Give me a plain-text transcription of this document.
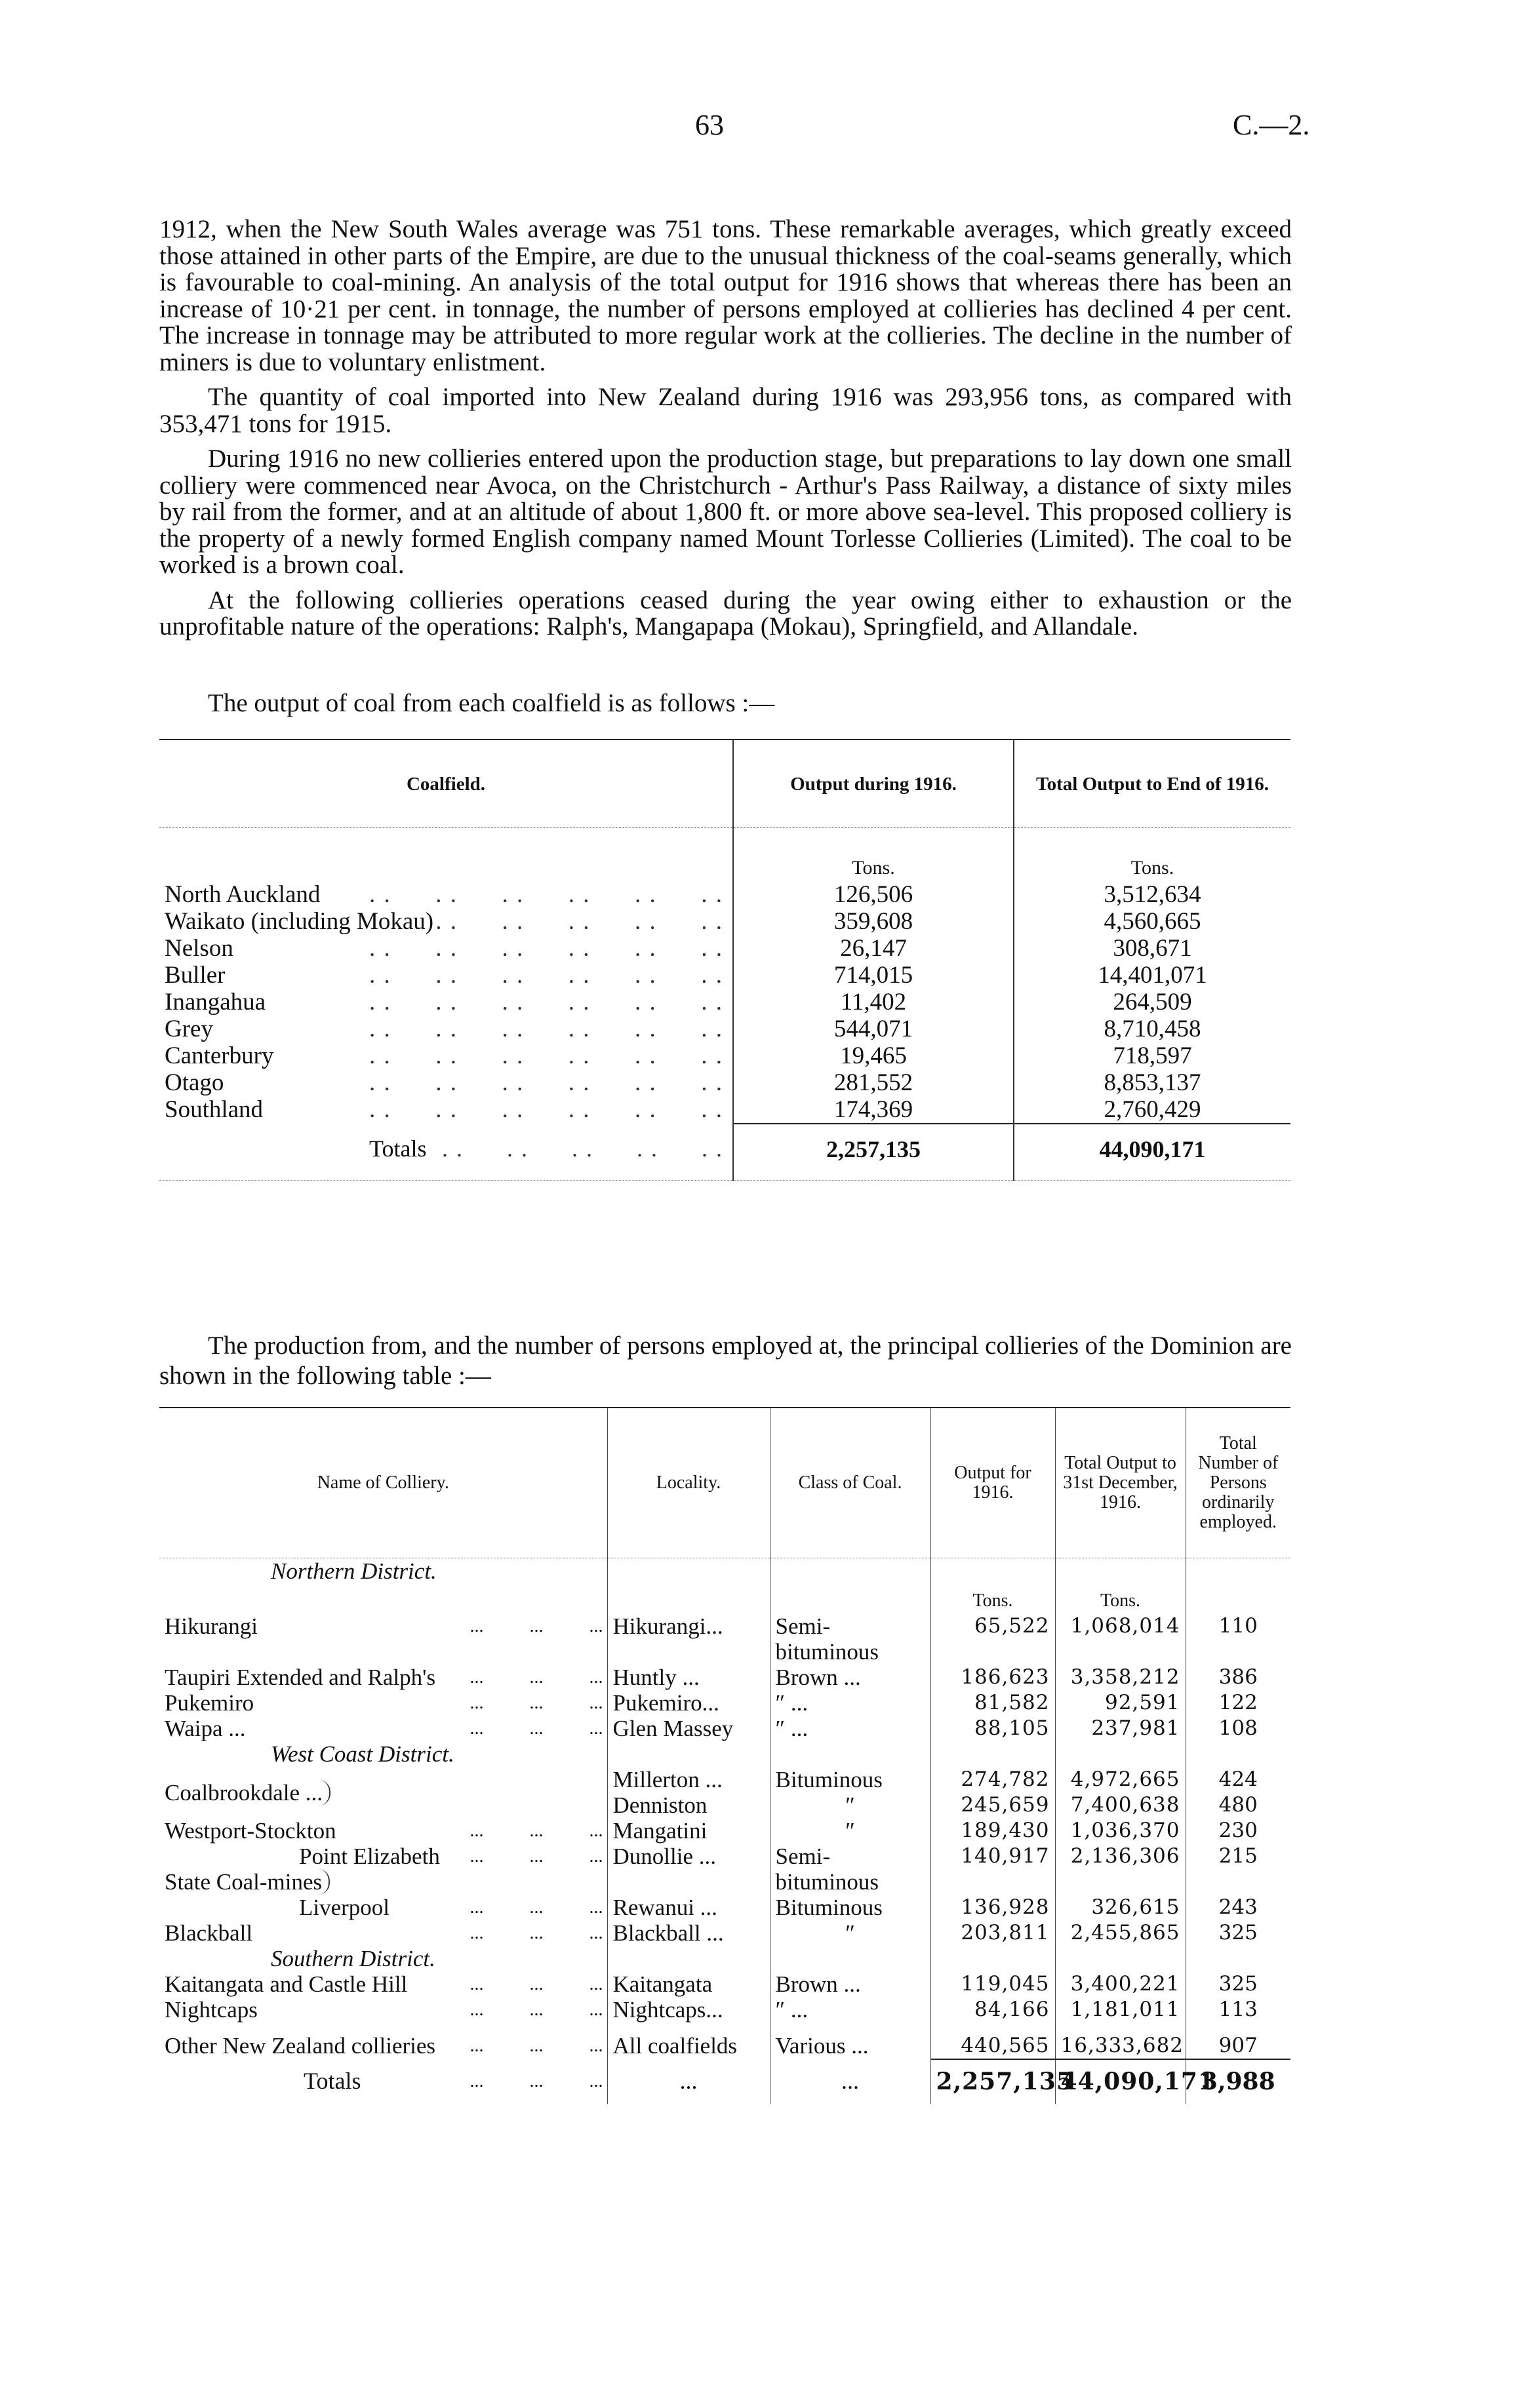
63	C.—2.

1912, when the New South Wales average was 751 tons. These remarkable averages, which greatly exceed those attained in other parts of the Empire, are due to the unusual thickness of the coal-seams generally, which is favourable to coal-mining. An analysis of the total output for 1916 shows that whereas there has been an increase of 10·21 per cent. in tonnage, the number of persons employed at collieries has declined 4 per cent. The increase in tonnage may be attributed to more regular work at the collieries. The decline in the number of miners is due to voluntary enlistment.

The quantity of coal imported into New Zealand during 1916 was 293,956 tons, as compared with 353,471 tons for 1915.

During 1916 no new collieries entered upon the production stage, but preparations to lay down one small colliery were commenced near Avoca, on the Christchurch - Arthur's Pass Railway, a distance of sixty miles by rail from the former, and at an altitude of about 1,800 ft. or more above sea-level. This proposed colliery is the property of a newly formed English company named Mount Torlesse Collieries (Limited). The coal to be worked is a brown coal.

At the following collieries operations ceased during the year owing either to exhaustion or the unprofitable nature of the operations: Ralph's, Mangapapa (Mokau), Springfield, and Allandale.

The output of coal from each coalfield is as follows :—
Coalfield.	Output during 1916.	Total Output to End of 1916.
	Tons.	Tons.
North Auckland . .	126,506	3,512,634
Waikato (including Mokau) . .	359,608	4,560,665
Nelson . .	26,147	308,671
Buller . .	714,015	14,401,071
Inangahua . .	11,402	264,509
Grey . .	544,071	8,710,458
Canterbury . .	19,465	718,597
Otago . .	281,552	8,853,137
Southland . .	174,369	2,760,429
Totals . .	2,257,135	44,090,171
The production from, and the number of persons employed at, the principal collieries of the Dominion are shown in the following table :—
Name of Colliery.		Locality.	Class of Coal.	Output for 1916.	Total Output to 31st December, 1916.	Total Number of Persons ordinarily employed.
Northern District.						
				Tons.	Tons.	
Hikurangi ...		Hikurangi...	Semi-bituminous	65,522	1,068,014	110
Taupiri Extended and Ralph's ...		Huntly ...	Brown ...	186,623	3,358,212	386
Pukemiro ...		Pukemiro...	″ ...	81,582	92,591	122
Waipa ... ...		Glen Massey	″ ...	88,105	237,981	108
West Coast District.						
Coalbrookdale ...		Millerton ...	Bituminous	274,782	4,972,665	424
		Denniston	″	245,659	7,400,638	480
Westport-Stockton ...		Mangatini	″	189,430	1,036,370	230
State Coal-mines	Point Elizabeth ...	Dunollie ...	Semi-bituminous	140,917	2,136,306	215
	Liverpool ...	Rewanui ...	Bituminous	136,928	326,615	243
Blackball ...		Blackball ...	″	203,811	2,455,865	325
Southern District.						
Kaitangata and Castle Hill ...		Kaitangata	Brown ...	119,045	3,400,221	325
Nightcaps ...		Nightcaps...	″ ...	84,166	1,181,011	113

Other New Zealand collieries ...		All coalfields	Various ...	440,565	16,333,682	907
Totals ...		...	...	2,257,135	44,090,171	3,988
